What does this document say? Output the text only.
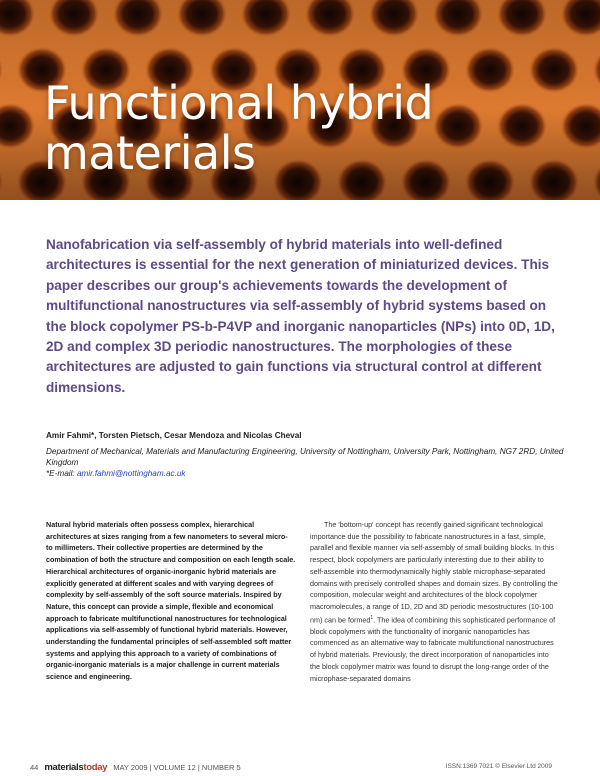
Functional hybrid
materials

Nanofabrication via self-assembly of hybrid materials into well-defined architectures is essential for the next generation of miniaturized devices. This paper describes our group's achievements towards the development of multifunctional nanostructures via self-assembly of hybrid systems based on the block copolymer PS-b-P4VP and inorganic nanoparticles (NPs) into 0D, 1D, 2D and complex 3D periodic nanostructures. The morphologies of these architectures are adjusted to gain functions via structural control at different dimensions.

Amir Fahmi*, Torsten Pietsch, Cesar Mendoza and Nicolas Cheval

Department of Mechanical, Materials and Manufacturing Engineering, University of Nottingham, University Park, Nottingham, NG7 2RD, United Kingdom

*E-mail: amir.fahmi@nottingham.ac.uk

Natural hybrid materials often possess complex, hierarchical architectures at sizes ranging from a few nanometers to several micro- to millimeters. Their collective properties are determined by the combination of both the structure and composition on each length scale. Hierarchical architectures of organic-inorganic hybrid materials are explicitly generated at different scales and with varying degrees of complexity by self-assembly of the soft source materials. Inspired by Nature, this concept can provide a simple, flexible and economical approach to fabricate multifunctional nanostructures for technological applications via self-assembly of functional hybrid materials. However, understanding the fundamental principles of self-assembled soft matter systems and applying this approach to a variety of combinations of organic-inorganic materials is a major challenge in current materials science and engineering.

The 'bottom-up' concept has recently gained significant technological importance due the possibility to fabricate nanostructures in a fast, simple, parallel and flexible manner via self-assembly of small building blocks. In this respect, block copolymers are particularly interesting due to their ability to self-assemble into thermodynamically highly stable microphase-separated domains with precisely controlled shapes and domain sizes. By controlling the composition, molecular weight and architectures of the block copolymer macromolecules, a range of 1D, 2D and 3D periodic mesostructures (10-100 nm) can be formed$^1$. The idea of combining this sophisticated performance of block copolymers with the functionality of inorganic nanoparticles has commenced as an alternative way to fabricate multifunctional nanostructures of hybrid materials. Previously, the direct incorporation of nanoparticles into the block copolymer matrix was found to disrupt the long-range order of the microphase-separated domains

44 materialstoday MAY 2009 | VOLUME 12 | NUMBER 5	ISSN:1369 7021 © Elsevier Ltd 2009
